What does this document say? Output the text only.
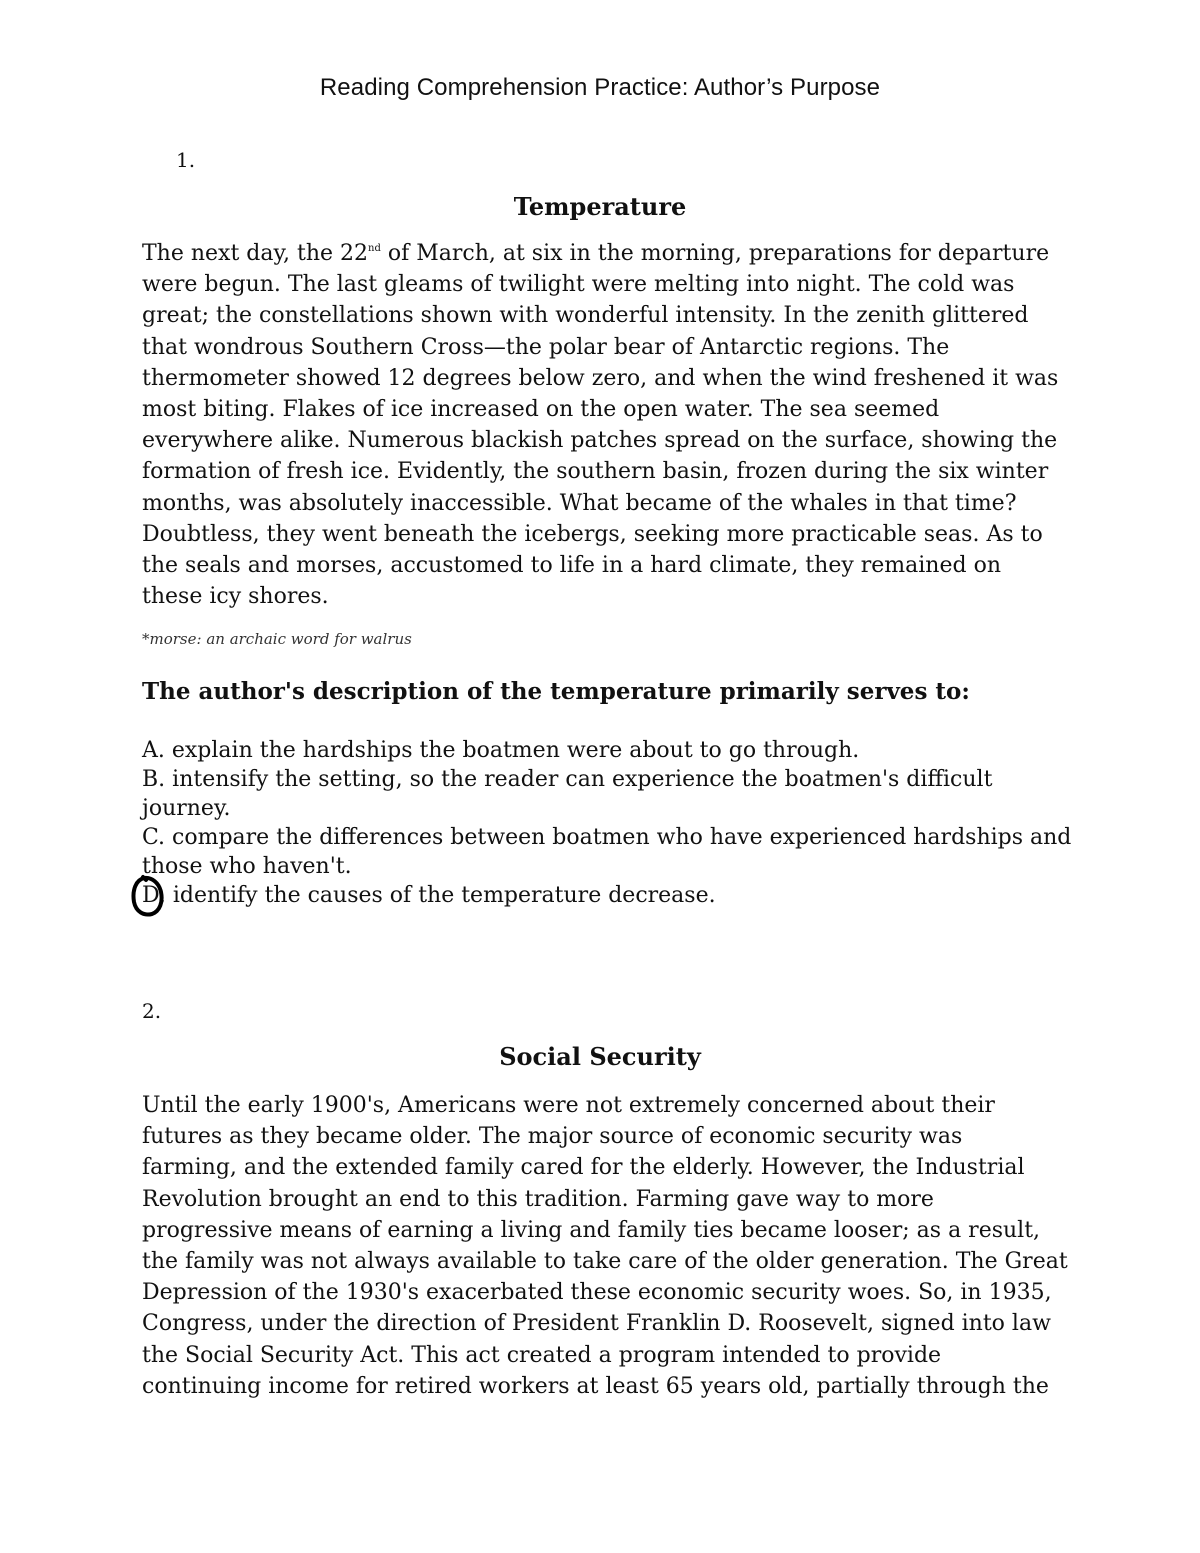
Reading Comprehension Practice: Author’s Purpose
1.
Temperature
The next day, the 22nd of March, at six in the morning, preparations for departure
were begun. The last gleams of twilight were melting into night. The cold was
great; the constellations shown with wonderful intensity. In the zenith glittered
that wondrous Southern Cross—the polar bear of Antarctic regions. The
thermometer showed 12 degrees below zero, and when the wind freshened it was
most biting. Flakes of ice increased on the open water. The sea seemed
everywhere alike. Numerous blackish patches spread on the surface, showing the
formation of fresh ice. Evidently, the southern basin, frozen during the six winter
months, was absolutely inaccessible. What became of the whales in that time?
Doubtless, they went beneath the icebergs, seeking more practicable seas. As to
the seals and morses, accustomed to life in a hard climate, they remained on
these icy shores.
*morse: an archaic word for walrus
The author's description of the temperature primarily serves to:
A. explain the hardships the boatmen were about to go through.
B. intensify the setting, so the reader can experience the boatmen's difficult journey.
C. compare the differences between boatmen who have experienced hardships and those who haven't.
D. identify the causes of the temperature decrease.
2.
Social Security
Until the early 1900's, Americans were not extremely concerned about their
futures as they became older. The major source of economic security was
farming, and the extended family cared for the elderly. However, the Industrial
Revolution brought an end to this tradition. Farming gave way to more
progressive means of earning a living and family ties became looser; as a result,
the family was not always available to take care of the older generation. The Great
Depression of the 1930's exacerbated these economic security woes. So, in 1935,
Congress, under the direction of President Franklin D. Roosevelt, signed into law
the Social Security Act. This act created a program intended to provide
continuing income for retired workers at least 65 years old, partially through the
